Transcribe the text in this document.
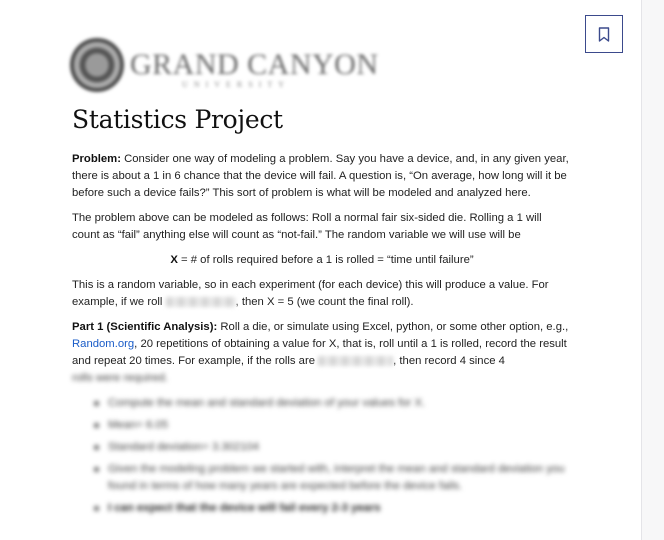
GRAND CANYON
UNIVERSITY
Statistics Project

Problem: Consider one way of modeling a problem. Say you have a device, and, in any given year, there is about a 1 in 6 chance that the device will fail. A question is, “On average, how long will it be before such a device fails?” This sort of problem is what will be modeled and analyzed here.

The problem above can be modeled as follows: Roll a normal fair six-sided die. Rolling a 1 will count as “fail” anything else will count as “not-fail.” The random variable we will use will be

X = # of rolls required before a 1 is rolled = “time until failure”

This is a random variable, so in each experiment (for each device) this will produce a value. For example, if we roll	, then X = 5 (we count the final roll).

Part 1 (Scientific Analysis): Roll a die, or simulate using Excel, python, or some other option, e.g., Random.org, 20 repetitions of obtaining a value for X, that is, roll until a 1 is rolled, record the result and repeat 20 times. For example, if the rolls are	, then record 4 since 4
rolls were required.

Compute the mean and standard deviation of your values for X.
Mean= 6.05
Standard deviation= 3.302104
Given the modeling problem we started with, interpret the mean and standard deviation you found in terms of how many years are expected before the device fails.
I can expect that the device will fail every 2-3 years
